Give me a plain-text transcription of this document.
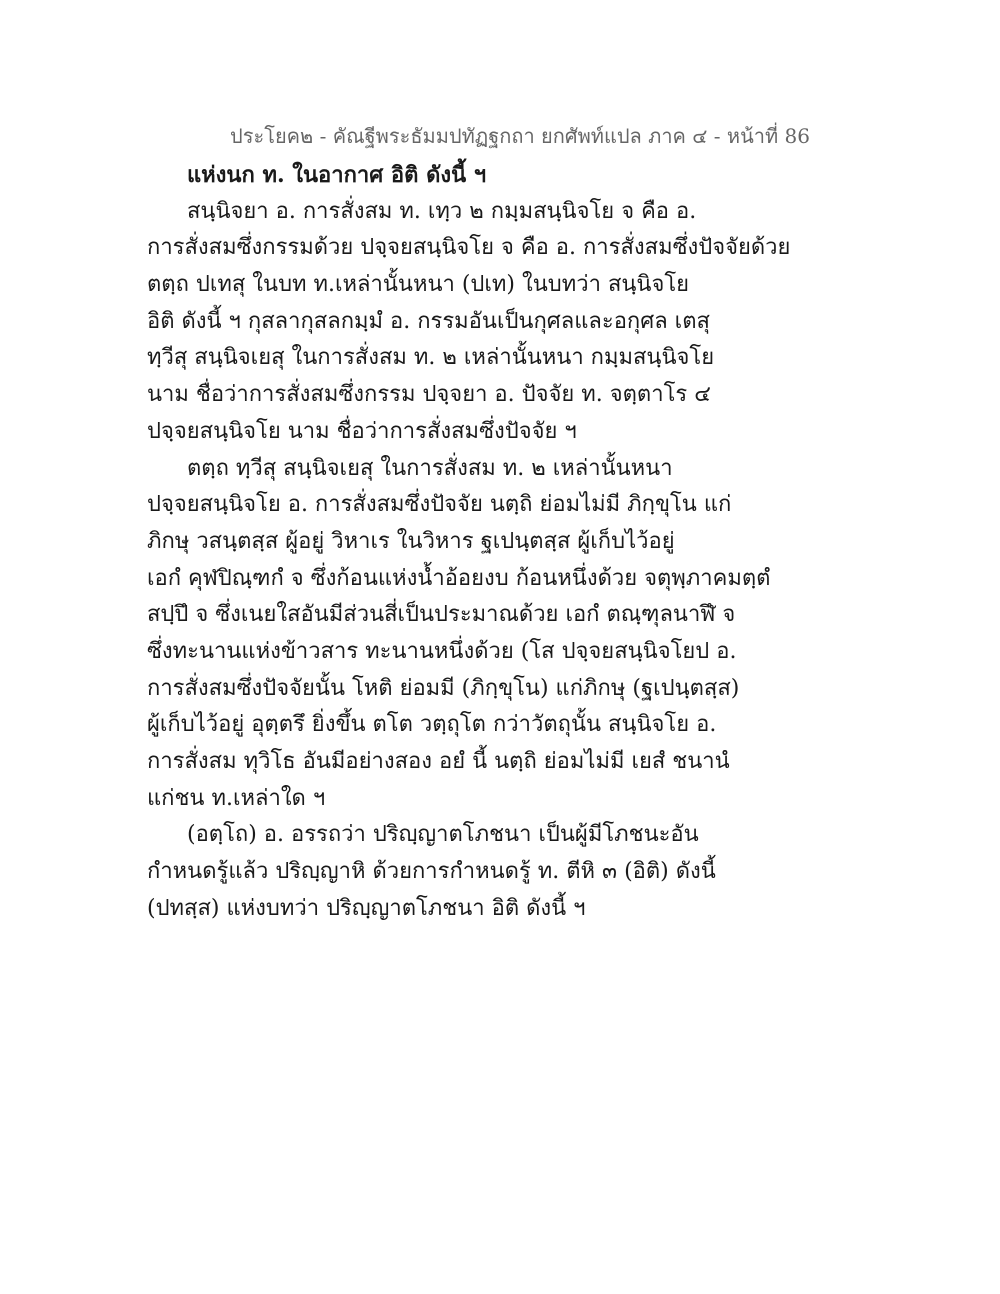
ประโยค๒ - คัณฐีพระธัมมปทัฏฐกถา ยกศัพท์แปล ภาค ๔ - หน้าที่ 86
แห่งนก ท. ในอากาศ อิติ ดังนี้ ฯ
สนฺนิจยา อ. การสั่งสม ท. เทฺว ๒ กมฺมสนฺนิจโย จ คือ อ.
การสั่งสมซึ่งกรรมด้วย ปจฺจยสนฺนิจโย จ คือ อ. การสั่งสมซึ่งปัจจัยด้วย
ตตฺถ ปเทสุ ในบท ท.เหล่านั้นหนา (ปเท) ในบทว่า สนฺนิจโย
อิติ ดังนี้ ฯ กุสลากุสลกมฺมํ อ. กรรมอันเป็นกุศลและอกุศล เตสุ
ทฺวีสุ สนฺนิจเยสุ ในการสั่งสม ท. ๒ เหล่านั้นหนา กมฺมสนฺนิจโย
นาม ชื่อว่าการสั่งสมซึ่งกรรม ปจฺจยา อ. ปัจจัย ท. จตฺตาโร ๔
ปจฺจยสนฺนิจโย นาม ชื่อว่าการสั่งสมซึ่งปัจจัย ฯ
ตตฺถ ทฺวีสุ สนฺนิจเยสุ ในการสั่งสม ท. ๒ เหล่านั้นหนา
ปจฺจยสนฺนิจโย อ. การสั่งสมซึ่งปัจจัย นตฺถิ ย่อมไม่มี ภิกฺขุโน แก่
ภิกษุ วสนฺตสฺส ผู้อยู่ วิหาเร ในวิหาร ฐเปนฺตสฺส ผู้เก็บไว้อยู่
เอกํ คุฬปิณฺฑกํ จ ซึ่งก้อนแห่งน้ำอ้อยงบ ก้อนหนึ่งด้วย จตุพฺภาคมตฺตํ
สปฺปึ จ ซึ่งเนยใสอันมีส่วนสี่เป็นประมาณด้วย เอกํ ตณฺฑุลนาฬึ จ
ซึ่งทะนานแห่งข้าวสาร ทะนานหนึ่งด้วย (โส ปจฺจยสนฺนิจโยป อ.
การสั่งสมซึ่งปัจจัยนั้น โหติ ย่อมมี (ภิกฺขุโน) แก่ภิกษุ (ฐเปนฺตสฺส)
ผู้เก็บไว้อยู่ อุตฺตรึ ยิ่งขึ้น ตโต วตฺถุโต กว่าวัตถุนั้น สนฺนิจโย อ.
การสั่งสม ทุวิโธ อันมีอย่างสอง อยํ นี้ นตฺถิ ย่อมไม่มี เยสํ ชนานํ
แก่ชน ท.เหล่าใด ฯ
(อตฺโถ) อ. อรรถว่า ปริญฺญาตโภชนา เป็นผู้มีโภชนะอัน
กำหนดรู้แล้ว ปริญฺญาหิ ด้วยการกำหนดรู้ ท. ตีหิ ๓ (อิติ) ดังนี้
(ปทสฺส) แห่งบทว่า ปริญฺญาตโภชนา อิติ ดังนี้ ฯ
